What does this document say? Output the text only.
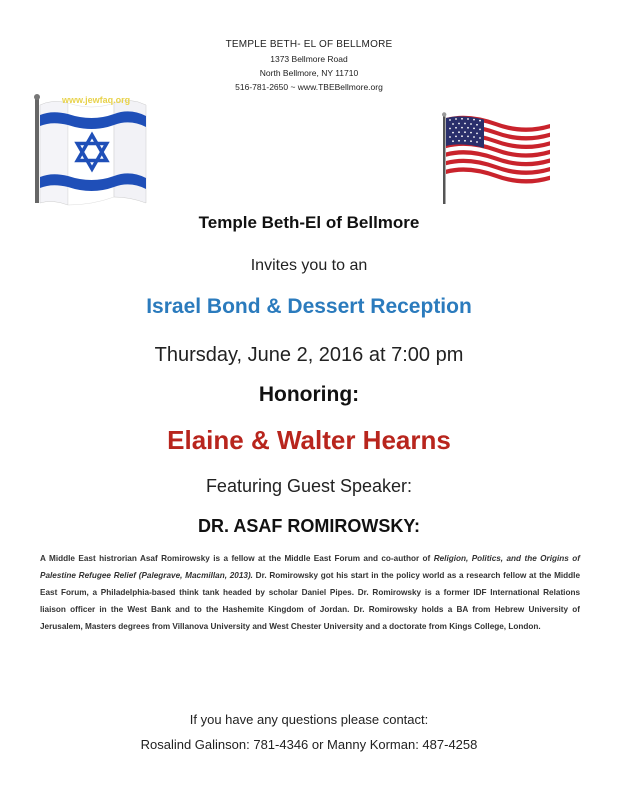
TEMPLE BETH- EL OF BELLMORE
1373 Bellmore Road
North Bellmore, NY 11710
516-781-2650 ~ www.TBEBellmore.org
www.jewfaq.org
Temple Beth-El of Bellmore
Invites you to an
Israel Bond & Dessert Reception
Thursday, June 2, 2016 at 7:00 pm
Honoring:
Elaine & Walter Hearns
Featuring Guest Speaker:
DR. ASAF ROMIROWSKY:

A Middle East histrorian Asaf Romirowsky is a fellow at the Middle East Forum and co-author of Religion, Politics, and the Origins of Palestine Refugee Relief (Palegrave, Macmillan, 2013). Dr. Romirowsky got his start in the policy world as a research fellow at the Middle East Forum, a Philadelphia-based think tank headed by scholar Daniel Pipes. Dr. Romirowsky is a former IDF International Relations liaison officer in the West Bank and to the Hashemite Kingdom of Jordan. Dr. Romirowsky holds a BA from Hebrew University of Jerusalem, Masters degrees from Villanova University and West Chester University and a doctorate from Kings College, London.

If you have any questions please contact:
Rosalind Galinson: 781-4346 or Manny Korman: 487-4258
